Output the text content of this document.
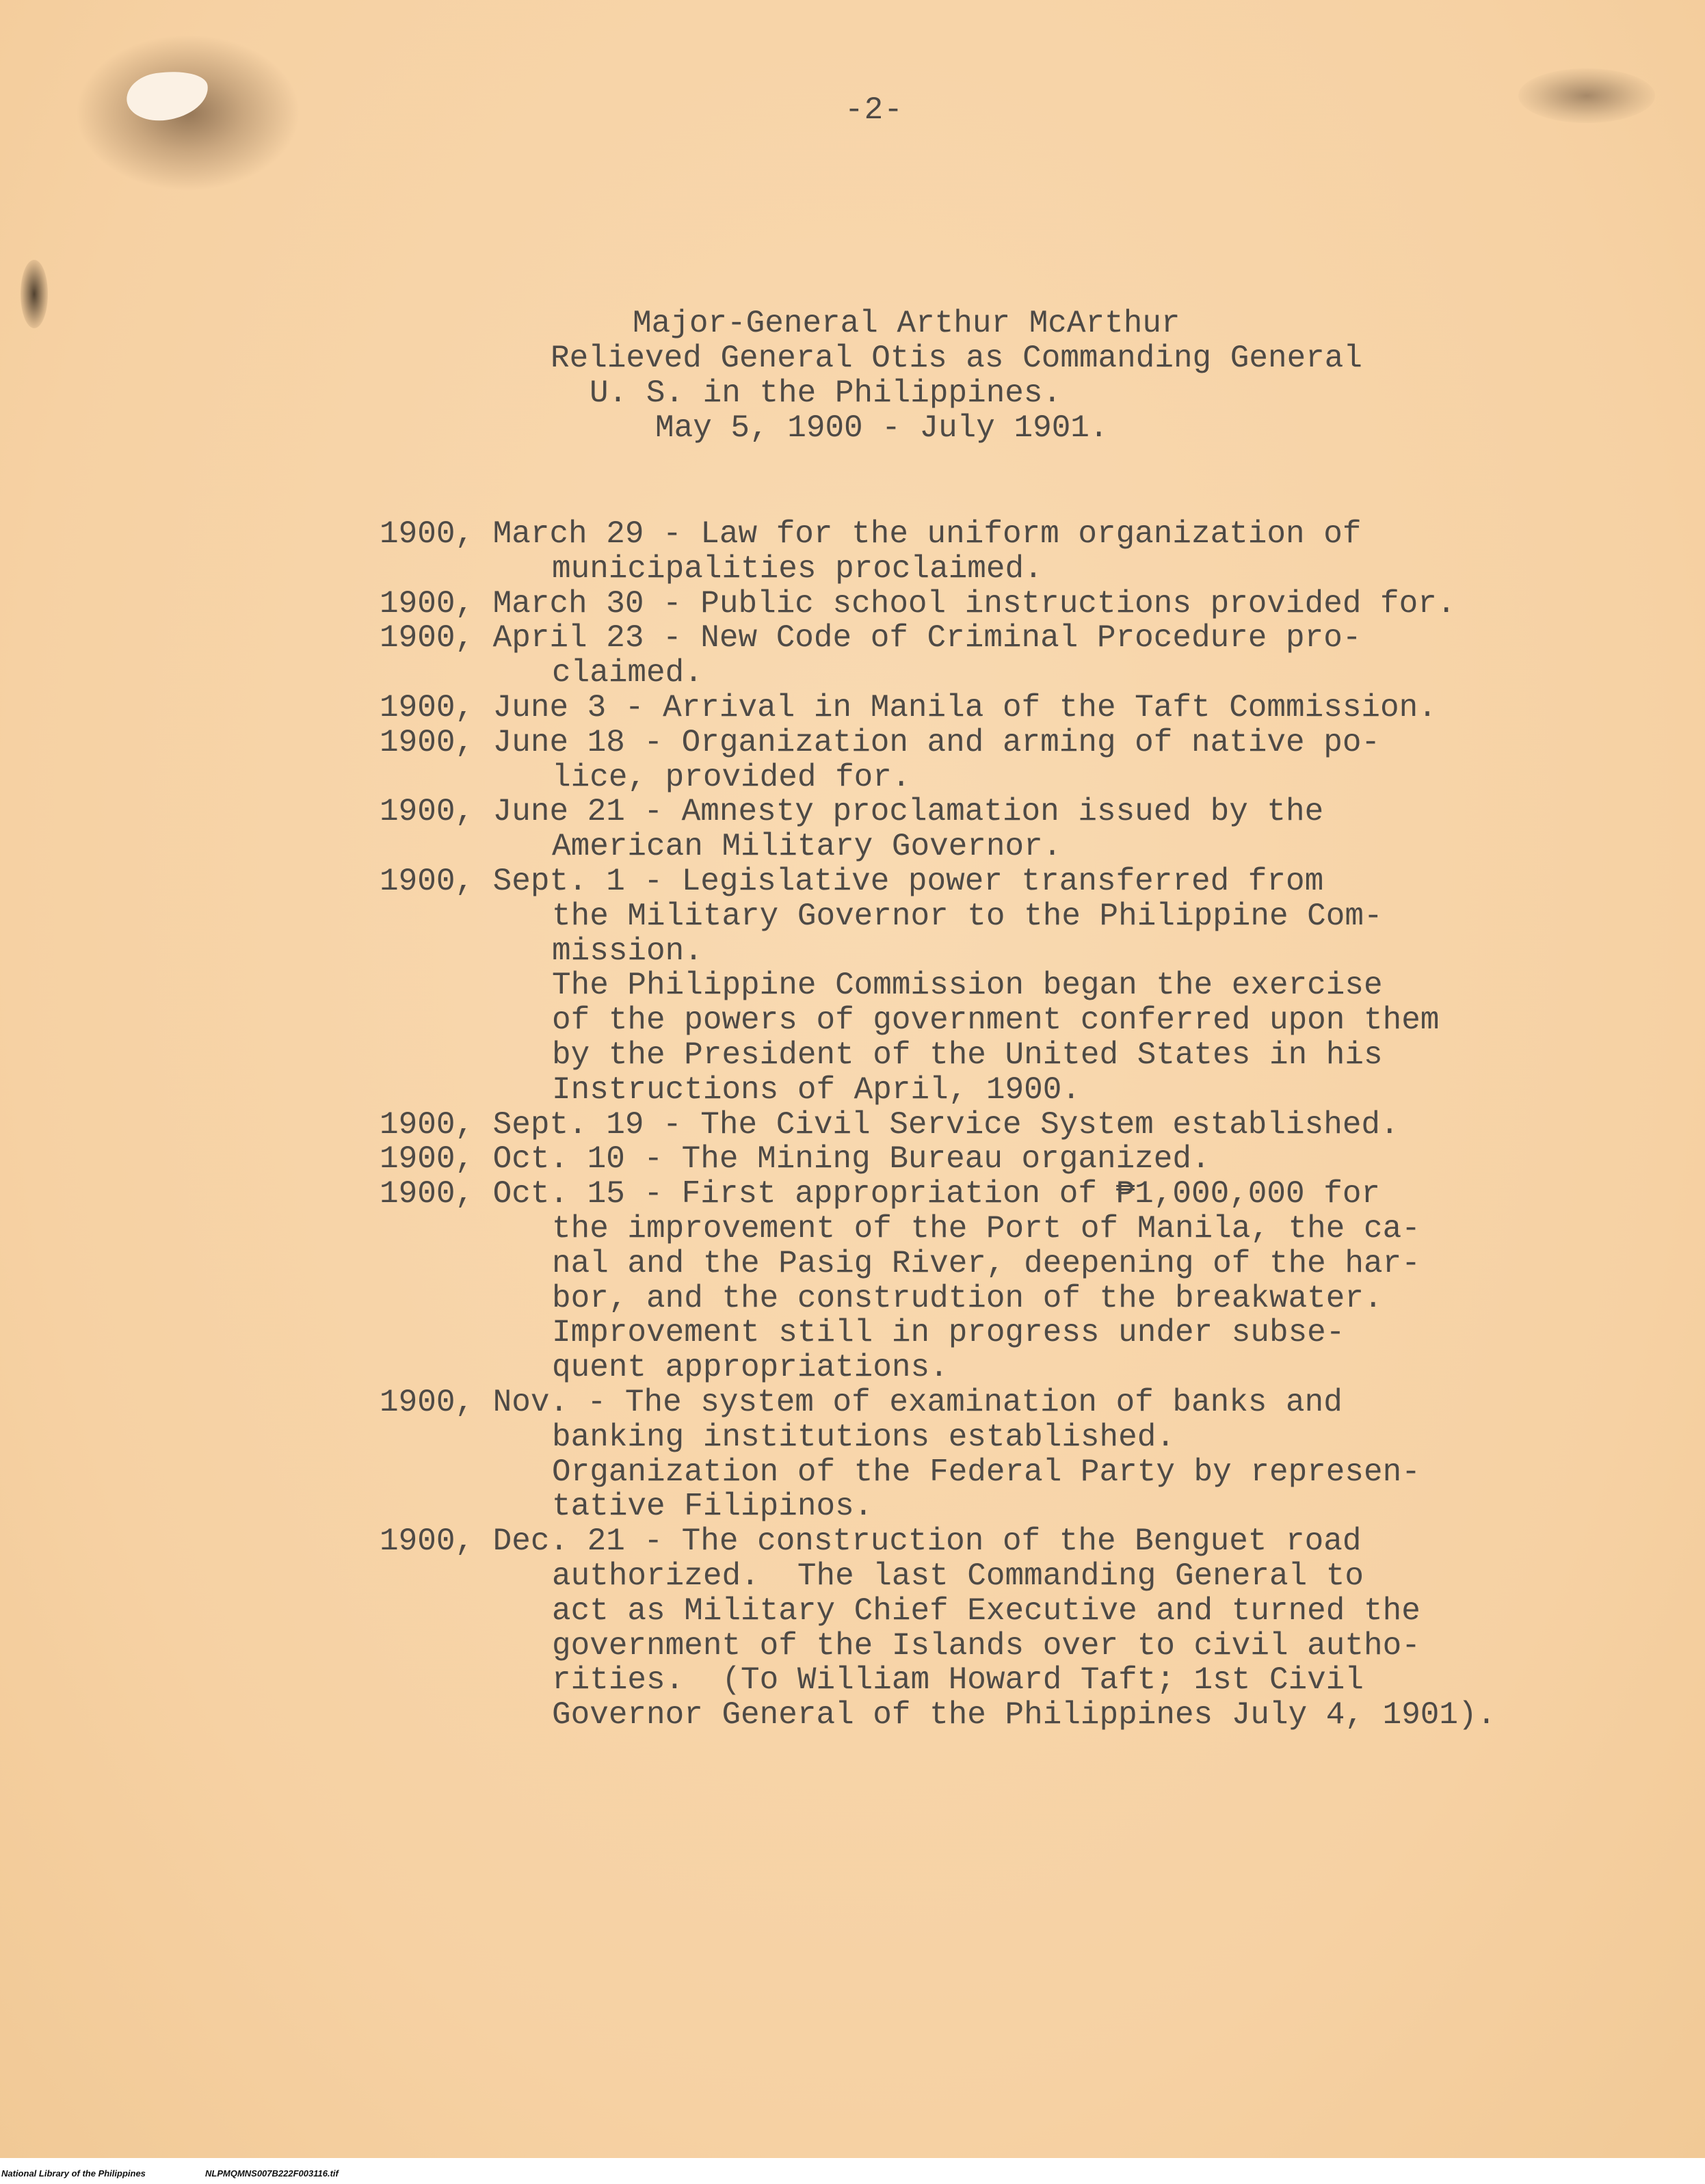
-2-
Major-General Arthur McArthur
Relieved General Otis as Commanding General
U. S. in the Philippines.
May 5, 1900 - July 1901.
1900, March 29 - Law for the uniform organization of
municipalities proclaimed.
1900, March 30 - Public school instructions provided for.
1900, April 23 - New Code of Criminal Procedure pro-
claimed.
1900, June 3 - Arrival in Manila of the Taft Commission.
1900, June 18 - Organization and arming of native po-
lice, provided for.
1900, June 21 - Amnesty proclamation issued by the
American Military Governor.
1900, Sept. 1 - Legislative power transferred from
the Military Governor to the Philippine Com-
mission.
The Philippine Commission began the exercise
of the powers of government conferred upon them
by the President of the United States in his
Instructions of April, 1900.
1900, Sept. 19 - The Civil Service System established.
1900, Oct. 10 - The Mining Bureau organized.
1900, Oct. 15 - First appropriation of ₱1,000,000 for
the improvement of the Port of Manila, the ca-
nal and the Pasig River, deepening of the har-
bor, and the construdtion of the breakwater.
Improvement still in progress under subse-
quent appropriations.
1900, Nov. - The system of examination of banks and
banking institutions established.
Organization of the Federal Party by represen-
tative Filipinos.
1900, Dec. 21 - The construction of the Benguet road
authorized.  The last Commanding General to
act as Military Chief Executive and turned the
government of the Islands over to civil autho-
rities.  (To William Howard Taft; 1st Civil
Governor General of the Philippines July 4, 1901).
National Library of the Philippines	NLPMQMNS007B222F003116.tif
